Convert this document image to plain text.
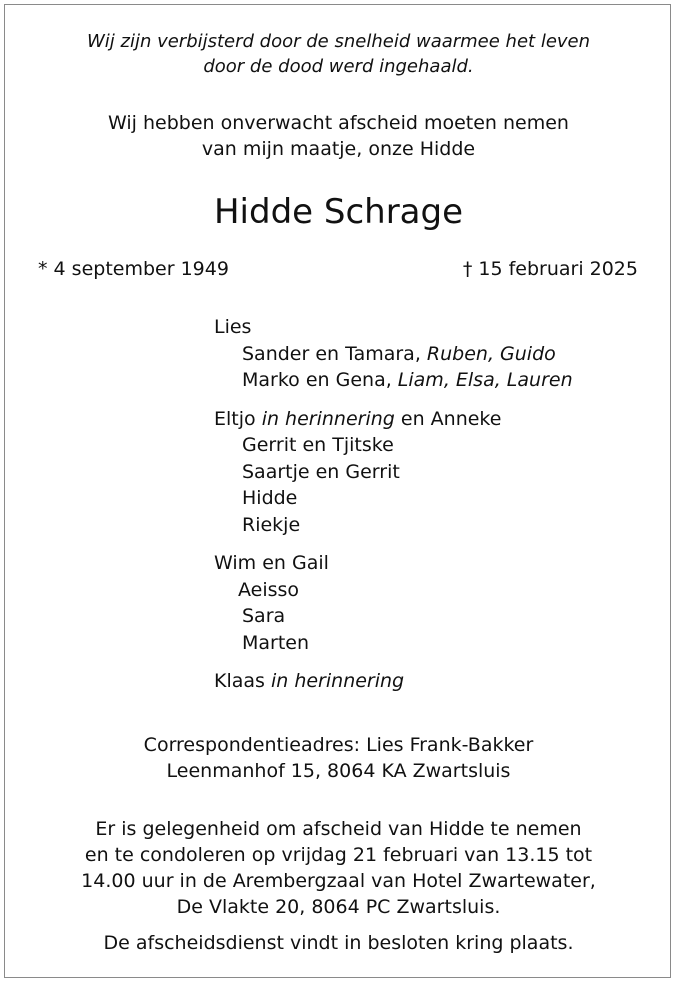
Wij zijn verbijsterd door de snelheid waarmee het leven
door de dood werd ingehaald.
Wij hebben onverwacht afscheid moeten nemen
van mijn maatje, onze Hidde
Hidde Schrage
* 4 september 1949	† 15 februari 2025
Lies
Sander en Tamara, Ruben, Guido
Marko en Gena, Liam, Elsa, Lauren
Eltjo in herinnering en Anneke
Gerrit en Tjitske
Saartje en Gerrit
Hidde
Riekje
Wim en Gail
Aeisso
Sara
Marten
Klaas in herinnering
Correspondentieadres: Lies Frank-Bakker
Leenmanhof 15, 8064 KA Zwartsluis
Er is gelegenheid om afscheid van Hidde te nemen
en te condoleren op vrijdag 21 februari van 13.15 tot
14.00 uur in de Arembergzaal van Hotel Zwartewater,
De Vlakte 20, 8064 PC Zwartsluis.
De afscheidsdienst vindt in besloten kring plaats.
